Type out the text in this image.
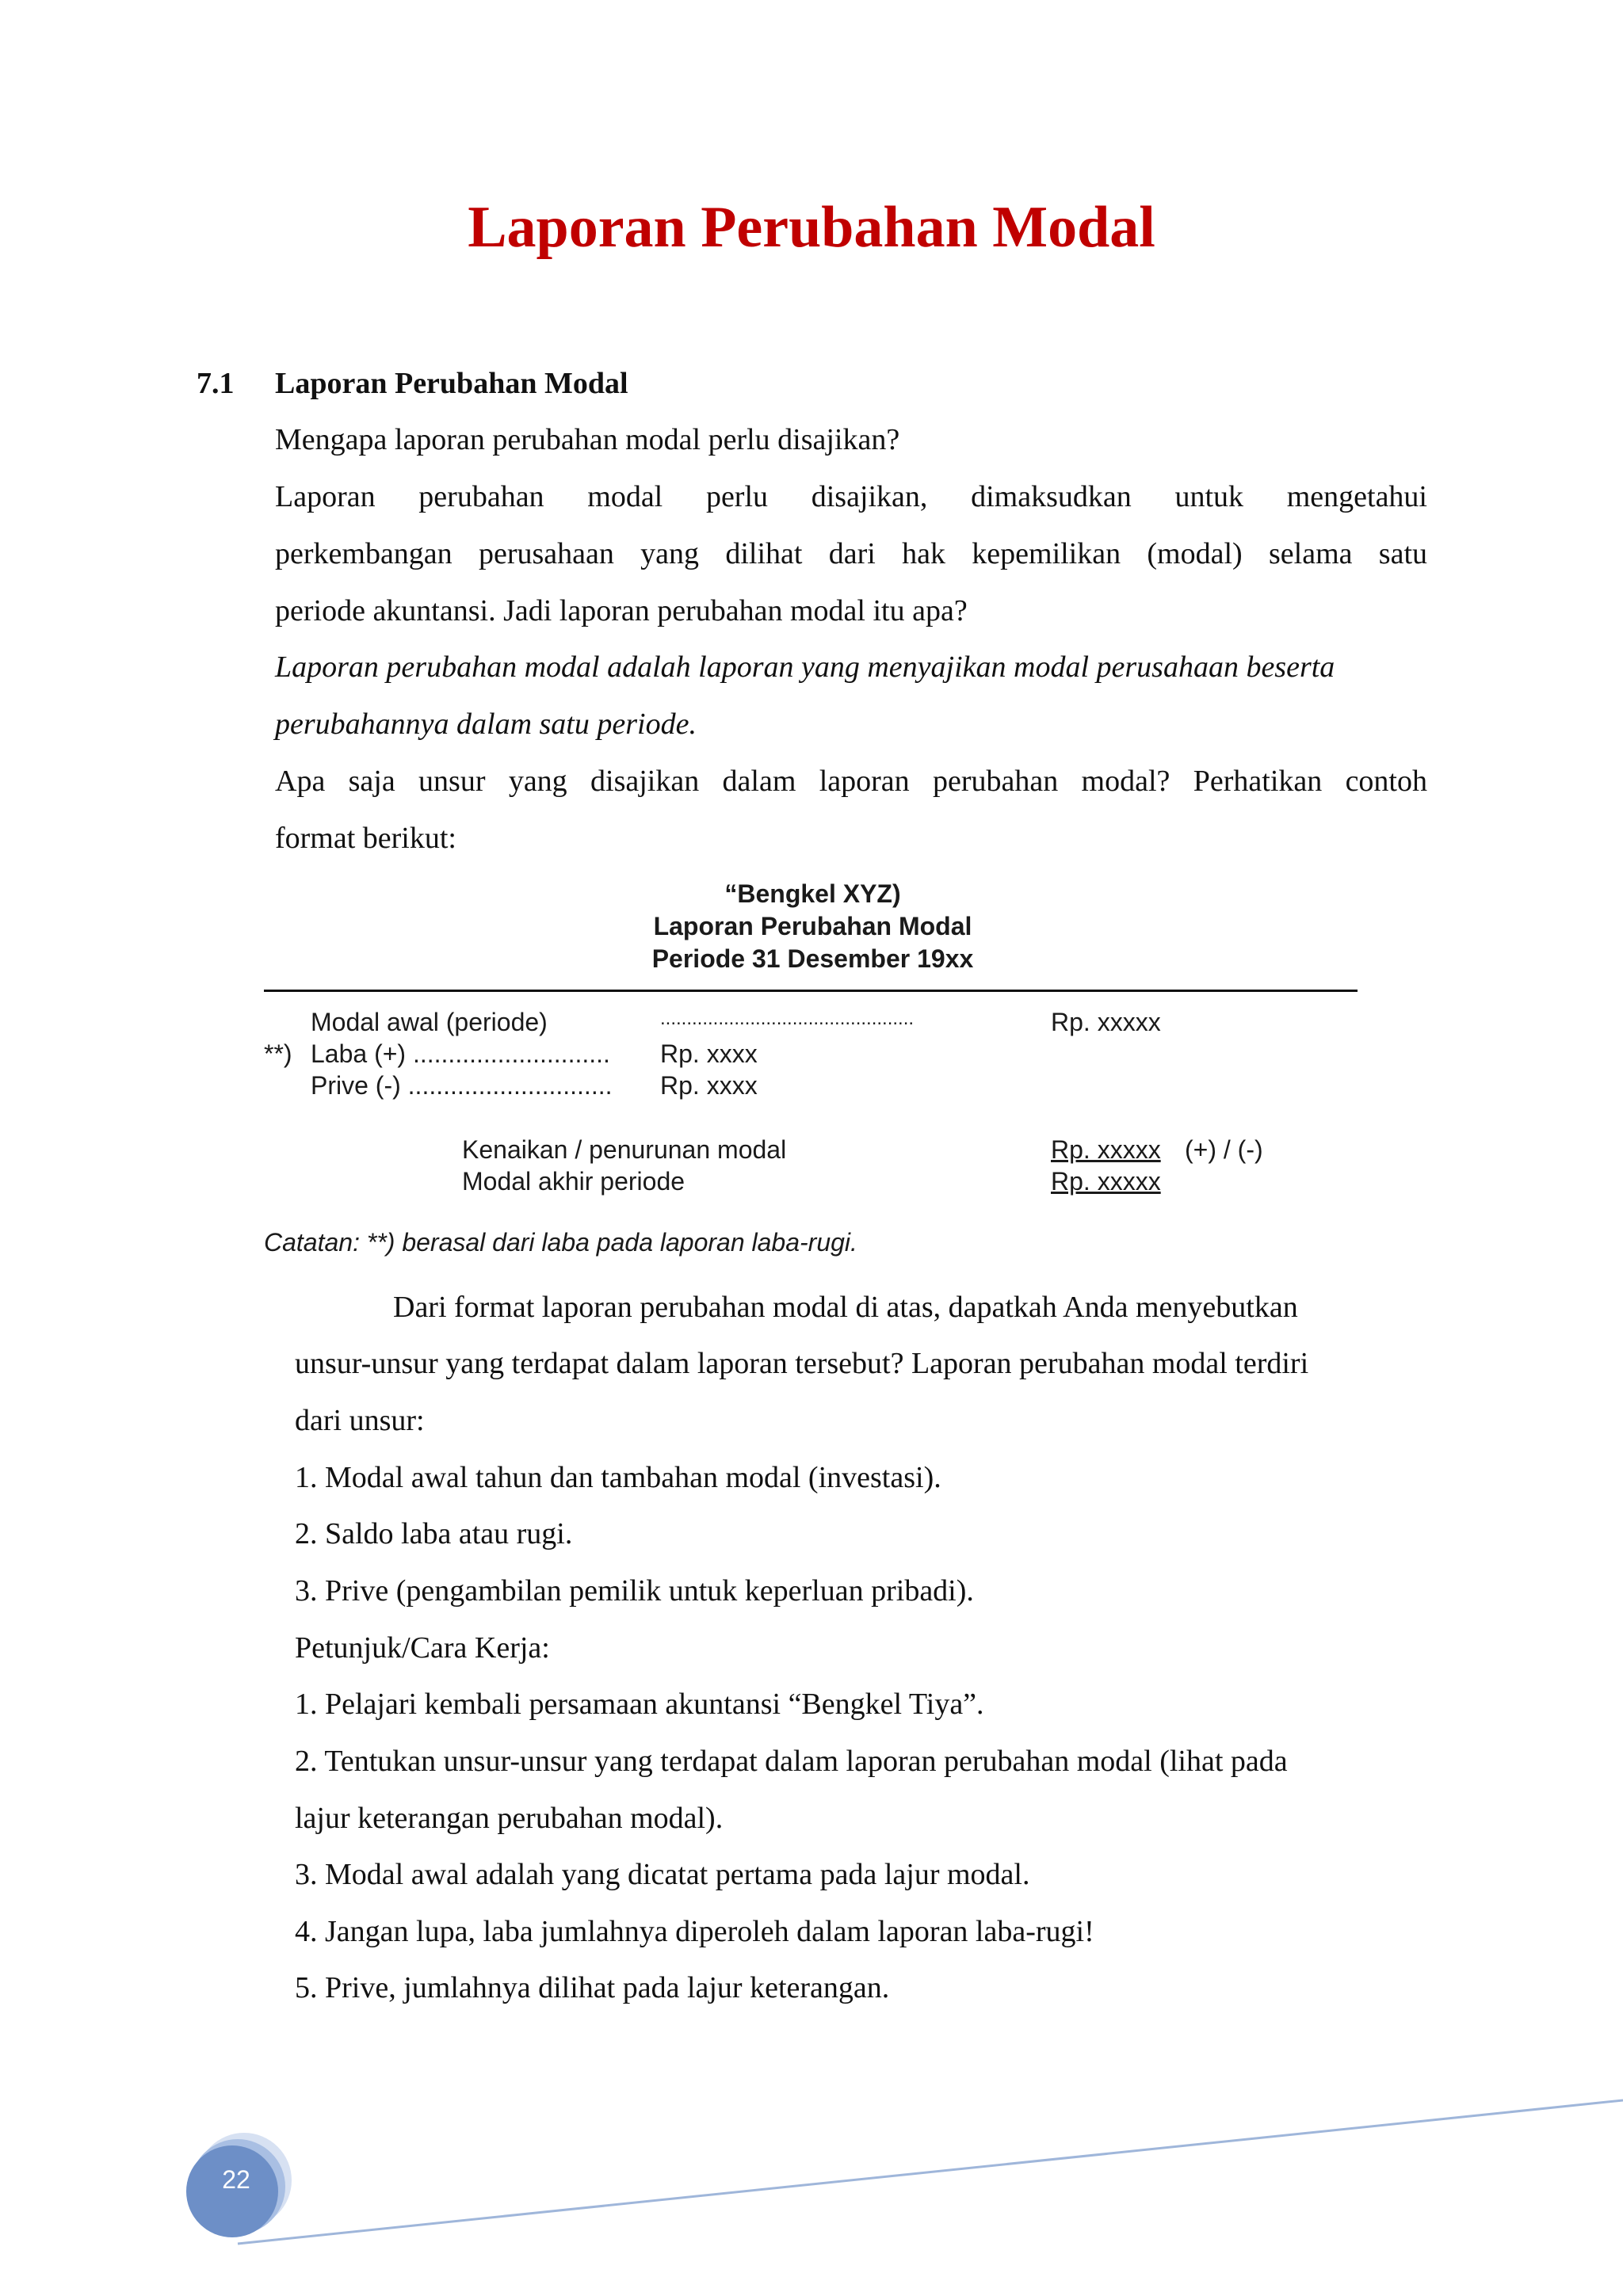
Laporan Perubahan Modal
7.1	Laporan Perubahan Modal
Mengapa laporan perubahan modal perlu disajikan?
Laporan perubahan modal perlu disajikan, dimaksudkan untuk mengetahui
perkembangan perusahaan yang dilihat dari hak kepemilikan (modal) selama satu
periode akuntansi. Jadi laporan perubahan modal itu apa?
Laporan perubahan modal adalah laporan yang menyajikan modal perusahaan beserta
perubahannya dalam satu periode.
Apa saja unsur yang disajikan dalam laporan perubahan modal? Perhatikan contoh
format berikut:
“Bengkel XYZ)
Laporan Perubahan Modal
Periode 31 Desember 19xx
Modal awal (periode)	................................................	Rp. xxxxx
**) Laba (+) ............................ Rp. xxxx
Prive (-) ............................. Rp. xxxx
Kenaikan / penurunan modal	Rp. xxxxx (+) / (-)
Modal akhir periode	Rp. xxxxx
Catatan: **) berasal dari laba pada laporan laba-rugi.
Dari format laporan perubahan modal di atas, dapatkah Anda menyebutkan
unsur-unsur yang terdapat dalam laporan tersebut? Laporan perubahan modal terdiri
dari unsur:
1. Modal awal tahun dan tambahan modal (investasi).
2. Saldo laba atau rugi.
3. Prive (pengambilan pemilik untuk keperluan pribadi).
Petunjuk/Cara Kerja:
1. Pelajari kembali persamaan akuntansi “Bengkel Tiya”.
2. Tentukan unsur-unsur yang terdapat dalam laporan perubahan modal (lihat pada
lajur keterangan perubahan modal).
3. Modal awal adalah yang dicatat pertama pada lajur modal.
4. Jangan lupa, laba jumlahnya diperoleh dalam laporan laba-rugi!
5. Prive, jumlahnya dilihat pada lajur keterangan.
22
